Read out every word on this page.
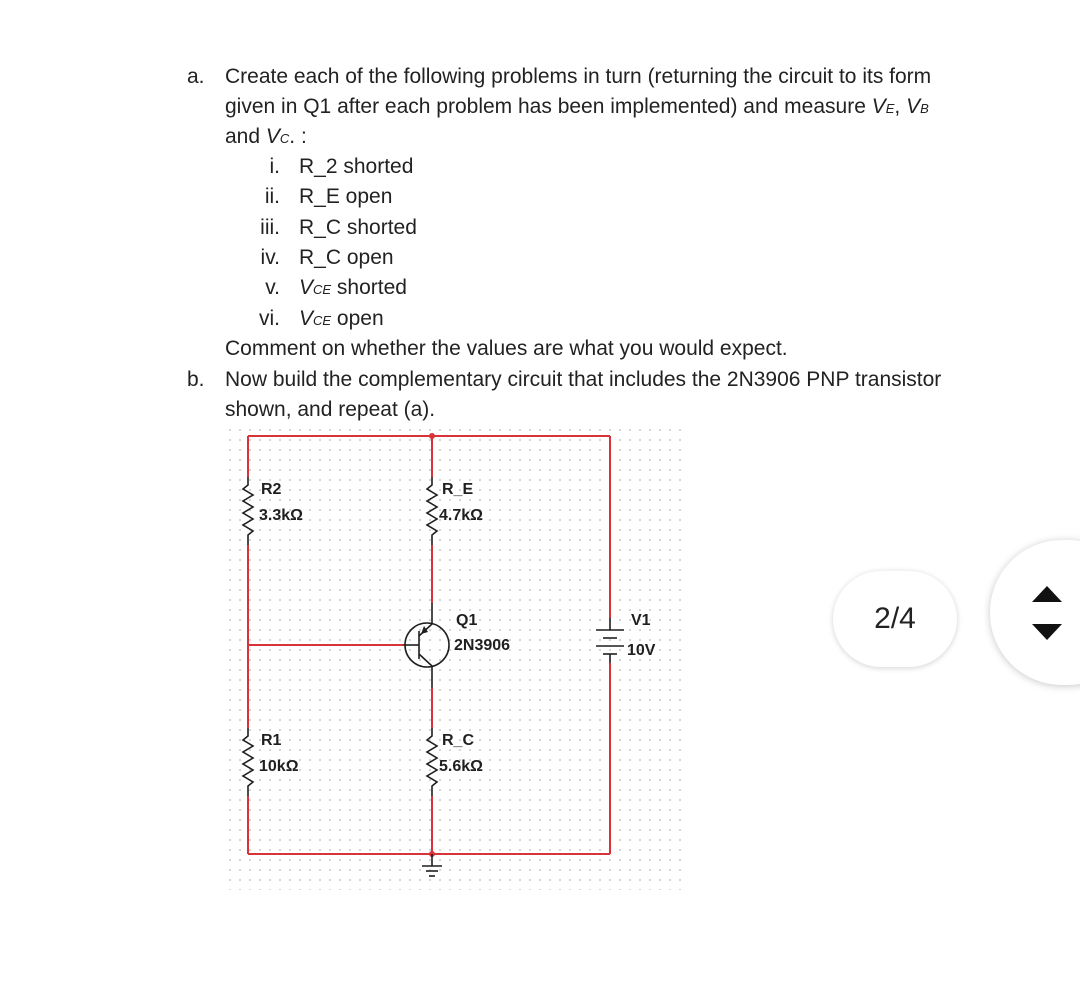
a. Create each of the following problems in turn (returning the circuit to its form
given in Q1 after each problem has been implemented) and measure VE, VB
and VC. :
i. R_2 shorted
ii. R_E open
iii. R_C shorted
iv. R_C open
v. VCE shorted
vi. VCE open
Comment on whether the values are what you would expect.
b. Now build the complementary circuit that includes the 2N3906 PNP transistor
shown, and repeat (a).
R2
3.3kΩ
R_E
4.7kΩ
Q1
2N3906
V1
10V
R1
10kΩ
R_C
5.6kΩ
2/4
